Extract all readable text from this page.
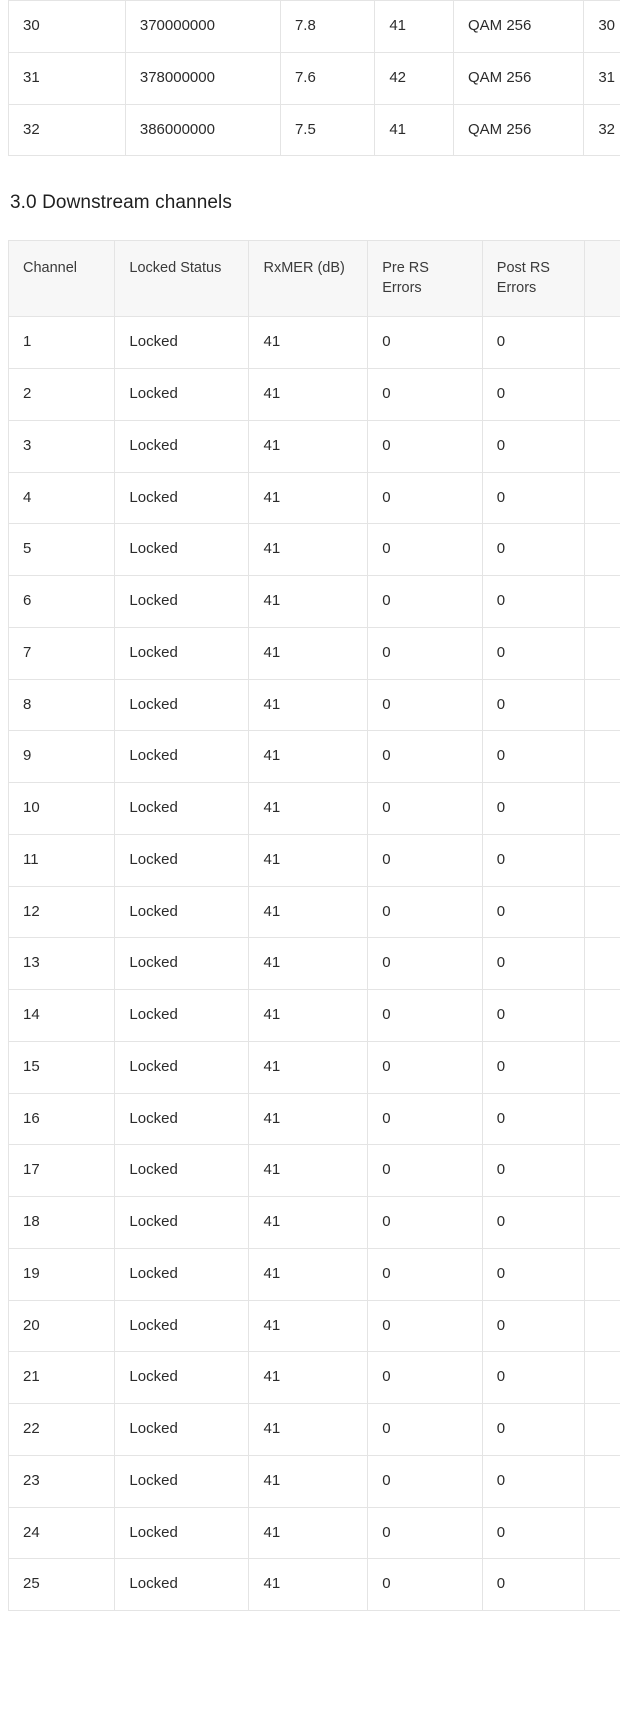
30	370000000	7.8	41	QAM 256	30
31	378000000	7.6	42	QAM 256	31
32	386000000	7.5	41	QAM 256	32
3.0 Downstream channels
Channel	Locked Status	RxMER (dB)	Pre RS Errors	Post RS Errors	
1	Locked	41	0	0	
2	Locked	41	0	0	
3	Locked	41	0	0	
4	Locked	41	0	0	
5	Locked	41	0	0	
6	Locked	41	0	0	
7	Locked	41	0	0	
8	Locked	41	0	0	
9	Locked	41	0	0	
10	Locked	41	0	0	
11	Locked	41	0	0	
12	Locked	41	0	0	
13	Locked	41	0	0	
14	Locked	41	0	0	
15	Locked	41	0	0	
16	Locked	41	0	0	
17	Locked	41	0	0	
18	Locked	41	0	0	
19	Locked	41	0	0	
20	Locked	41	0	0	
21	Locked	41	0	0	
22	Locked	41	0	0	
23	Locked	41	0	0	
24	Locked	41	0	0	
25	Locked	41	0	0	
